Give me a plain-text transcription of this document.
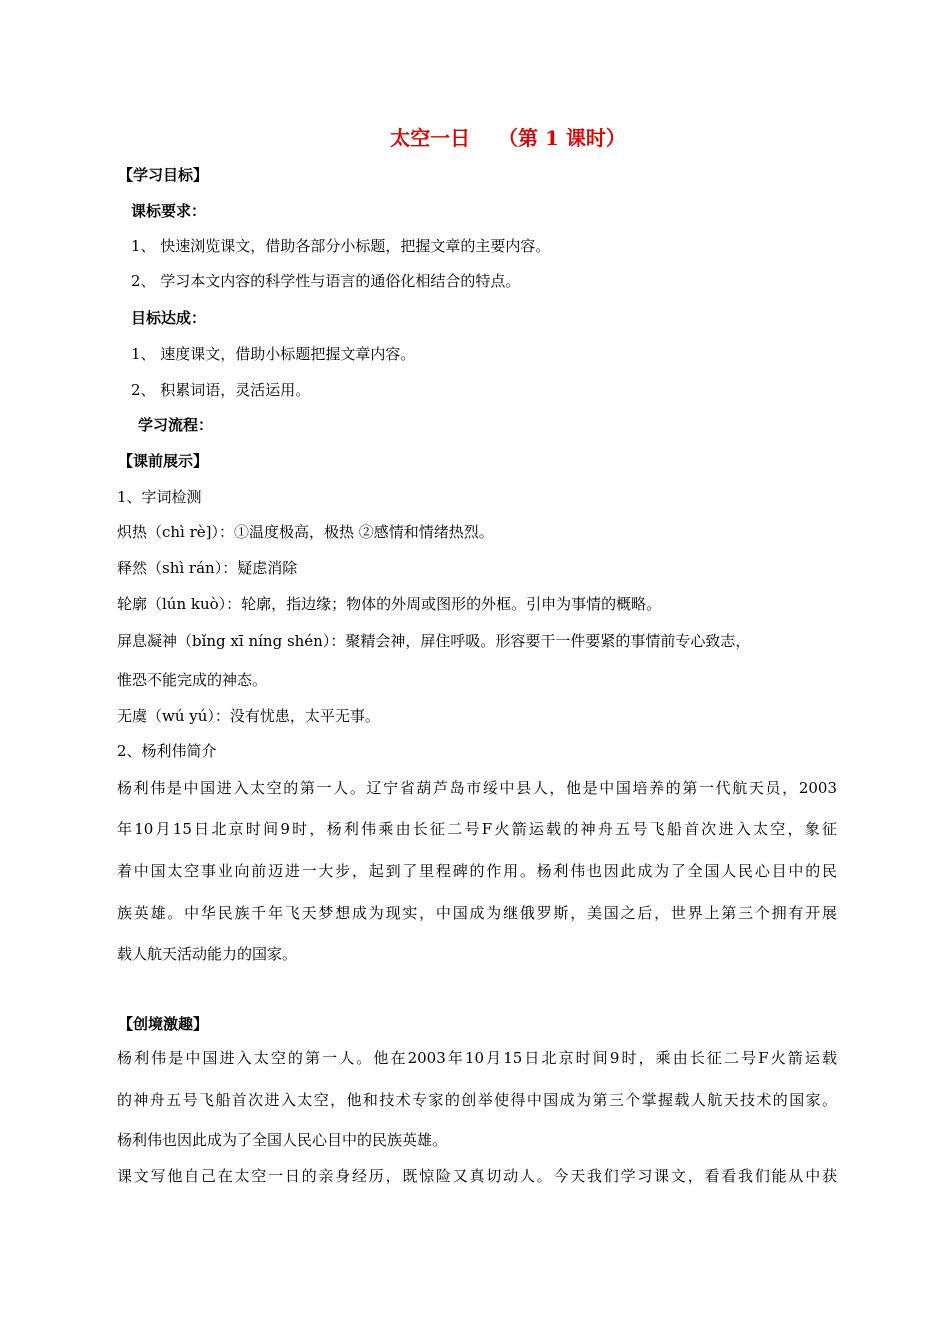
太空一日    （第 1 课时）
【学习目标】
课标要求：
1、 快速浏览课文，借助各部分小标题，把握文章的主要内容。
2、 学习本文内容的科学性与语言的通俗化相结合的特点。
目标达成：
1、 速度课文，借助小标题把握文章内容。
2、 积累词语，灵活运用。
学习流程：
【课前展示】
1、字词检测
炽热（chì rè]）：①温度极高，极热 ②感情和情绪热烈。
释然（shì rán）：疑虑消除
轮廓（lún kuò）：轮廓，指边缘；物体的外周或图形的外框。引申为事情的概略。
屏息凝神（bǐng xī níng shén）：聚精会神，屏住呼吸。形容要干一件要紧的事情前专心致志，
惟恐不能完成的神态。
无虞（wú yú）：没有忧患，太平无事。
2、杨利伟简介
杨利伟是中国进入太空的第一人。辽宁省葫芦岛市绥中县人，他是中国培养的第一代航天员，2003
年10月15日北京时间9时，杨利伟乘由长征二号F火箭运载的神舟五号飞船首次进入太空，象征
着中国太空事业向前迈进一大步，起到了里程碑的作用。杨利伟也因此成为了全国人民心目中的民
族英雄。中华民族千年飞天梦想成为现实，中国成为继俄罗斯，美国之后，世界上第三个拥有开展
载人航天活动能力的国家。
【创境激趣】
杨利伟是中国进入太空的第一人。他在2003年10月15日北京时间9时，乘由长征二号F火箭运载
的神舟五号飞船首次进入太空，他和技术专家的创举使得中国成为第三个掌握载人航天技术的国家。
杨利伟也因此成为了全国人民心目中的民族英雄。
课文写他自己在太空一日的亲身经历，既惊险又真切动人。今天我们学习课文，看看我们能从中获
